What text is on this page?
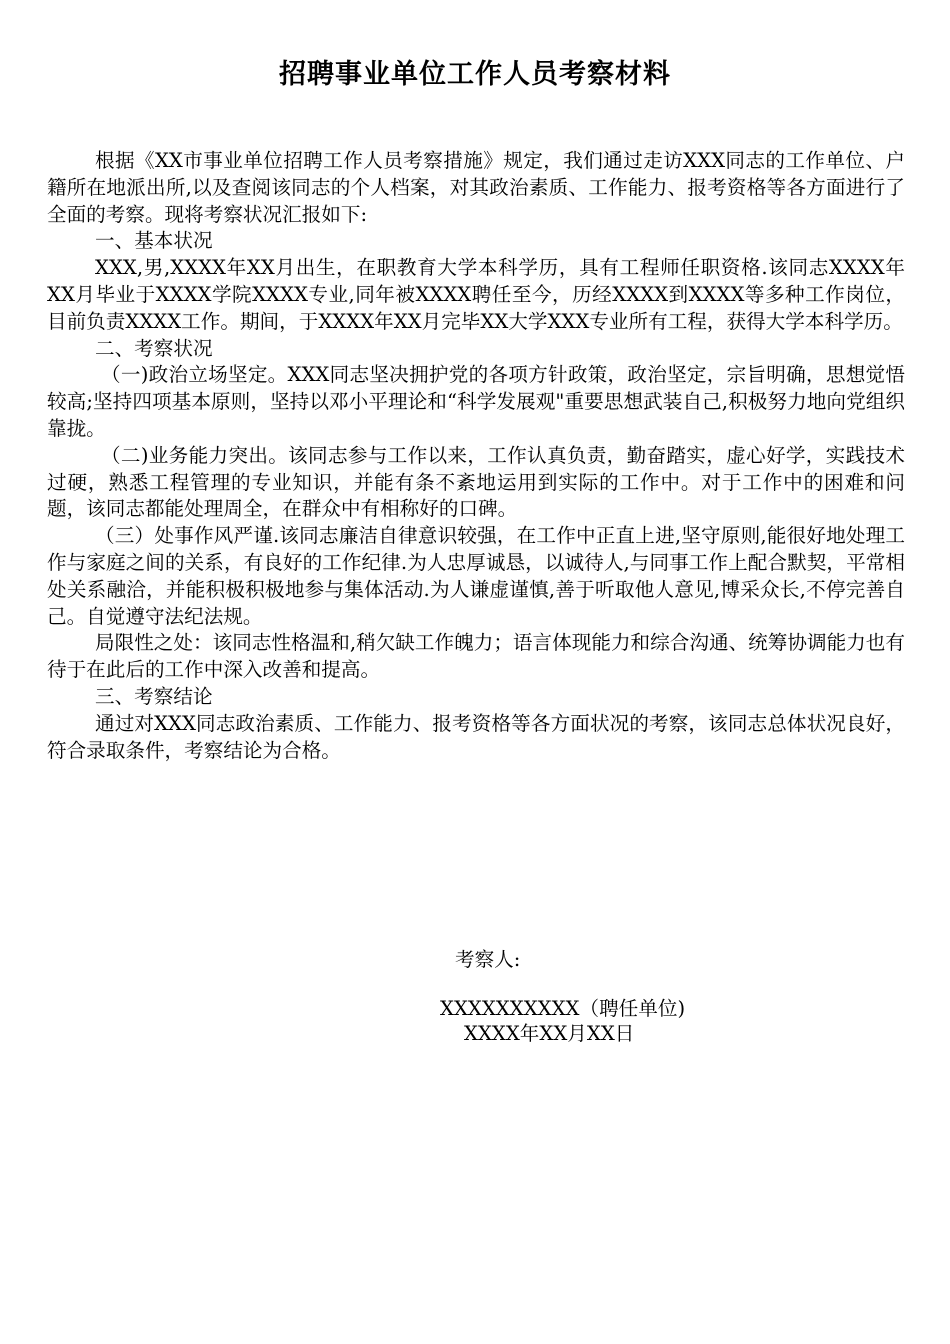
招聘事业单位工作人员考察材料

根据《XX市事业单位招聘工作人员考察措施》规定，我们通过走访XXX同志的工作单位、户籍所在地派出所,以及查阅该同志的个人档案，对其政治素质、工作能力、报考资格等各方面进行了全面的考察。现将考察状况汇报如下:

一、基本状况

XXX,男,XXXX年XX月出生，在职教育大学本科学历，具有工程师任职资格.该同志XXXX年XX月毕业于XXXX学院XXXX专业,同年被XXXX聘任至今，历经XXXX到XXXX等多种工作岗位，目前负责XXXX工作。期间，于XXXX年XX月完毕XX大学XXX专业所有工程，获得大学本科学历。

二、考察状况

（一)政治立场坚定。XXX同志坚决拥护党的各项方针政策，政治坚定，宗旨明确，思想觉悟较高;坚持四项基本原则，坚持以邓小平理论和“科学发展观"重要思想武装自己,积极努力地向党组织靠拢。

（二)业务能力突出。该同志参与工作以来，工作认真负责，勤奋踏实，虚心好学，实践技术过硬，熟悉工程管理的专业知识，并能有条不紊地运用到实际的工作中。对于工作中的困难和问题，该同志都能处理周全，在群众中有相称好的口碑。

（三）处事作风严谨.该同志廉洁自律意识较强，在工作中正直上进,坚守原则,能很好地处理工作与家庭之间的关系，有良好的工作纪律.为人忠厚诚恳，以诚待人,与同事工作上配合默契，平常相处关系融洽，并能积极积极地参与集体活动.为人谦虚谨慎,善于听取他人意见,博采众长,不停完善自己。自觉遵守法纪法规。

局限性之处：该同志性格温和,稍欠缺工作魄力；语言体现能力和综合沟通、统筹协调能力也有待于在此后的工作中深入改善和提高。

三、考察结论

通过对XXX同志政治素质、工作能力、报考资格等各方面状况的考察，该同志总体状况良好，符合录取条件，考察结论为合格。

考察人:
XXXXXXXXXX（聘任单位)
XXXX年XX月XX日
